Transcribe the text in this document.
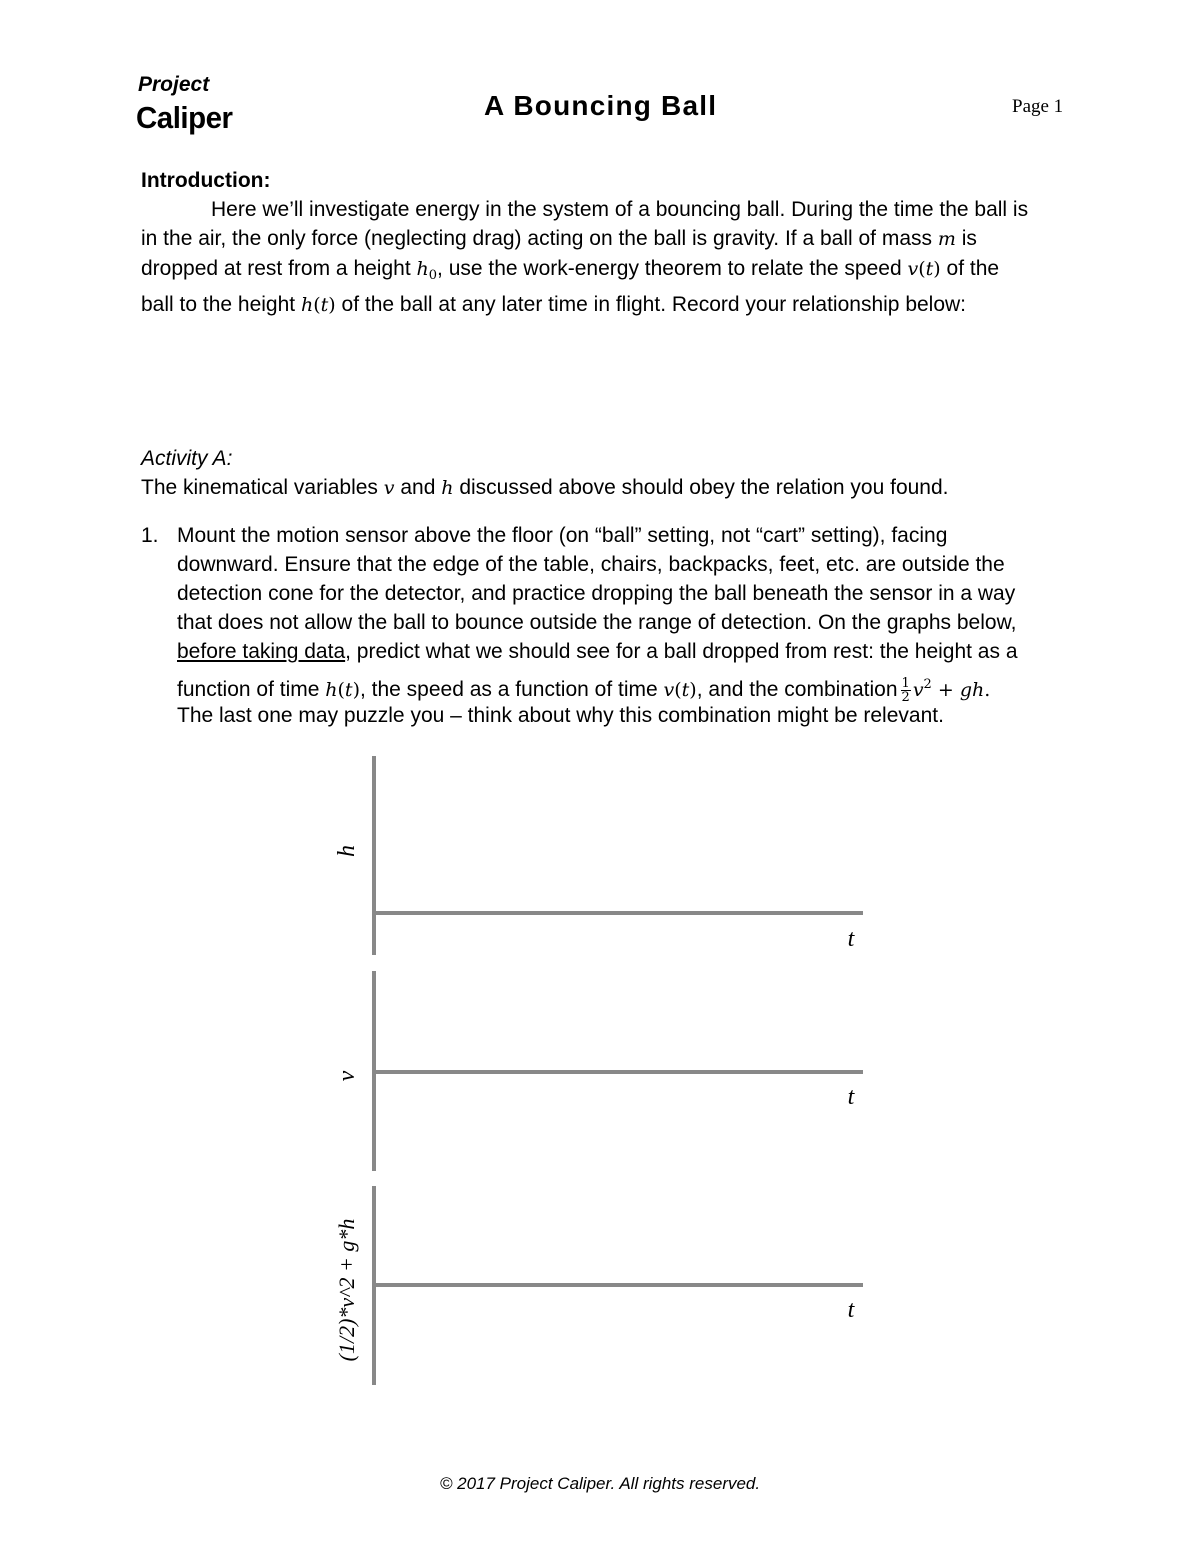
Project
Caliper	A Bouncing Ball	Page 1
Introduction:
Here we’ll investigate energy in the system of a bouncing ball. During the time the ball is
in the air, the only force (neglecting drag) acting on the ball is gravity. If a ball of mass m is
dropped at rest from a height $h_0$, use the work-energy theorem to relate the speed v(t) of the
ball to the height h(t) of the ball at any later time in flight. Record your relationship below:
Activity A:
The kinematical variables v and h discussed above should obey the relation you found.
1. Mount the motion sensor above the floor (on “ball” setting, not “cart” setting), facing
downward. Ensure that the edge of the table, chairs, backpacks, feet, etc. are outside the
detection cone for the detector, and practice dropping the ball beneath the sensor in a way
that does not allow the ball to bounce outside the range of detection. On the graphs below,
before taking data, predict what we should see for a ball dropped from rest: the height as a
function of time h(t), the speed as a function of time v(t), and the combination $\frac{1}{2} v^2$ + gh.
The last one may puzzle you – think about why this combination might be relevant.
h
t
v
t
(1/2)*v^2 + g*h	t
© 2017 Project Caliper. All rights reserved.
